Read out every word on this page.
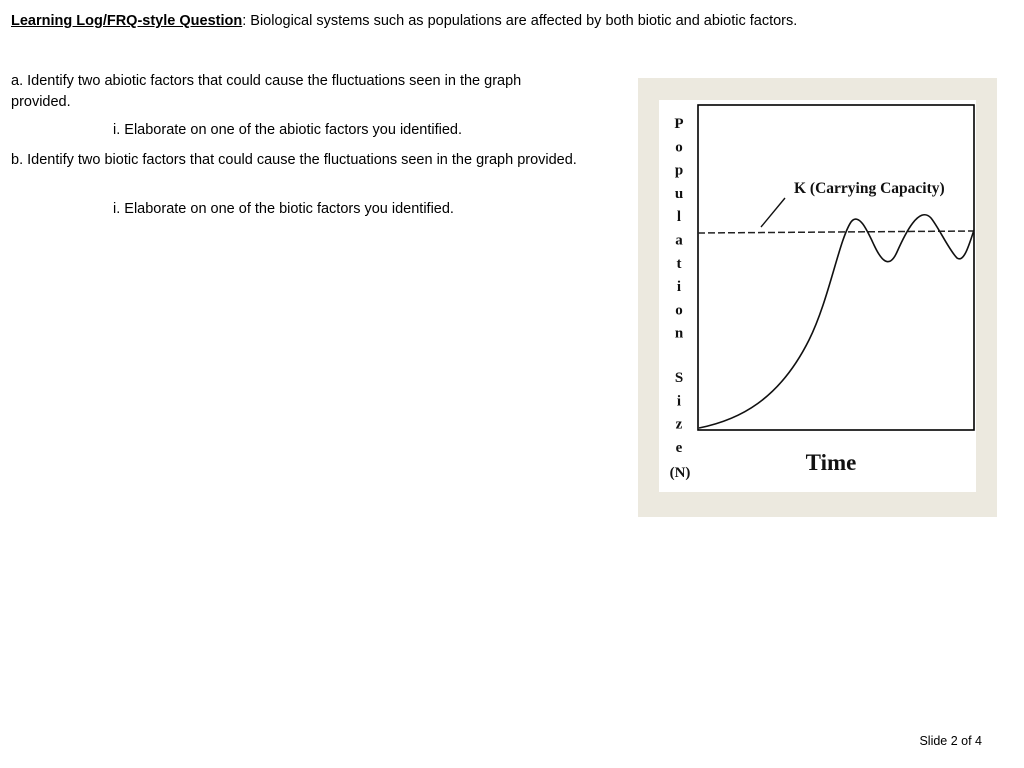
Learning Log/FRQ-style Question: Biological systems such as populations are affected by both biotic and abiotic factors.
a. Identify two abiotic factors that could cause the fluctuations seen in the graph provided.
i. Elaborate on one of the abiotic factors you identified.
b. Identify two biotic factors that could cause the fluctuations seen in the graph provided.
i. Elaborate on one of the biotic factors you identified.
P o p u l a t i o n S i z e (N)
K (Carrying Capacity)
Time
Slide 2 of 4
